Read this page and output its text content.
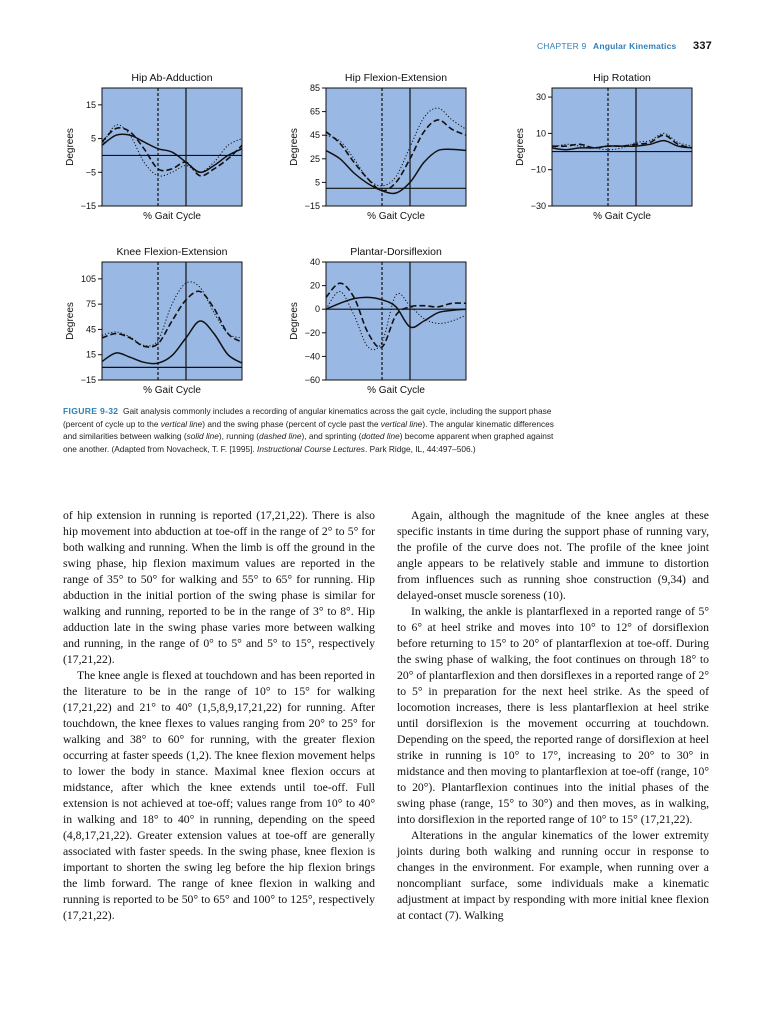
CHAPTER 9 Angular Kinematics 337
Hip Ab-Adduction
15
5
−5
−15
% Gait Cycle
Degrees
Hip Flexion-Extension
85
65
45
25
5
−15
% Gait Cycle
Degrees
Hip Rotation
30
10
−10
−30
% Gait Cycle
Degrees
Knee Flexion-Extension
105
75
45
15
−15
% Gait Cycle
Degrees
Plantar-Dorsiflexion
40
20
0
−20
−40
−60
% Gait Cycle
Degrees
FIGURE 9-32 Gait analysis commonly includes a recording of angular kinematics across the gait cycle, including the support phase (percent of cycle up to the vertical line) and the swing phase (percent of cycle past the vertical line). The angular kinematic differences and similarities between walking (solid line), running (dashed line), and sprinting (dotted line) become apparent when graphed against one another. (Adapted from Novacheck, T. F. [1995]. Instructional Course Lectures. Park Ridge, IL, 44:497–506.)

of hip extension in running is reported (17,21,22). There is also hip movement into abduction at toe-off in the range of 2° to 5° for both walking and running. When the limb is off the ground in the swing phase, hip flexion maximum values are reported in the range of 35° to 50° for walking and 55° to 65° for running. Hip abduction in the initial portion of the swing phase is similar for walking and running, reported to be in the range of 3° to 8°. Hip adduction late in the swing phase varies more between walking and running, in the range of 0° to 5° and 5° to 15°, respectively (17,21,22).

The knee angle is flexed at touchdown and has been reported in the literature to be in the range of 10° to 15° for walking (17,21,22) and 21° to 40° (1,5,8,9,17,21,22) for running. After touchdown, the knee flexes to values ranging from 20° to 25° for walking and 38° to 60° for running, with the greater flexion occurring at faster speeds (1,2). The knee flexion movement helps to lower the body in stance. Maximal knee flexion occurs at midstance, after which the knee extends until toe-off. Full extension is not achieved at toe-off; values range from 10° to 40° in walking and 18° to 40° in running, depending on the speed (4,8,17,21,22). Greater extension values at toe-off are generally associated with faster speeds. In the swing phase, knee flexion is important to shorten the swing leg before the hip flexion brings the limb forward. The range of knee flexion in walking and running is reported to be 50° to 65° and 100° to 125°, respectively (17,21,22).

Again, although the magnitude of the knee angles at these specific instants in time during the support phase of running vary, the profile of the curve does not. The profile of the knee joint angle appears to be relatively stable and immune to distortion from influences such as running shoe construction (9,34) and delayed-onset muscle soreness (10).

In walking, the ankle is plantarflexed in a reported range of 5° to 6° at heel strike and moves into 10° to 12° of dorsiflexion before returning to 15° to 20° of plantarflexion at toe-off. During the swing phase of walking, the foot continues on through 18° to 20° of plantarflexion and then dorsiflexes in a reported range of 2° to 5° in preparation for the next heel strike. As the speed of locomotion increases, there is less plantarflexion at heel strike until dorsiflexion is the movement occurring at touchdown. Depending on the speed, the reported range of dorsiflexion at heel strike in running is 10° to 17°, increasing to 20° to 30° in midstance and then moving to plantarflexion at toe-off (range, 10° to 20°). Plantarflexion continues into the initial phases of the swing phase (range, 15° to 30°) and then moves, as in walking, into dorsiflexion in the reported range of 10° to 15° (17,21,22).

Alterations in the angular kinematics of the lower extremity joints during both walking and running occur in response to changes in the environment. For example, when running over a noncompliant surface, some individuals make a kinematic adjustment at impact by responding with more initial knee flexion at contact (7). Walking
